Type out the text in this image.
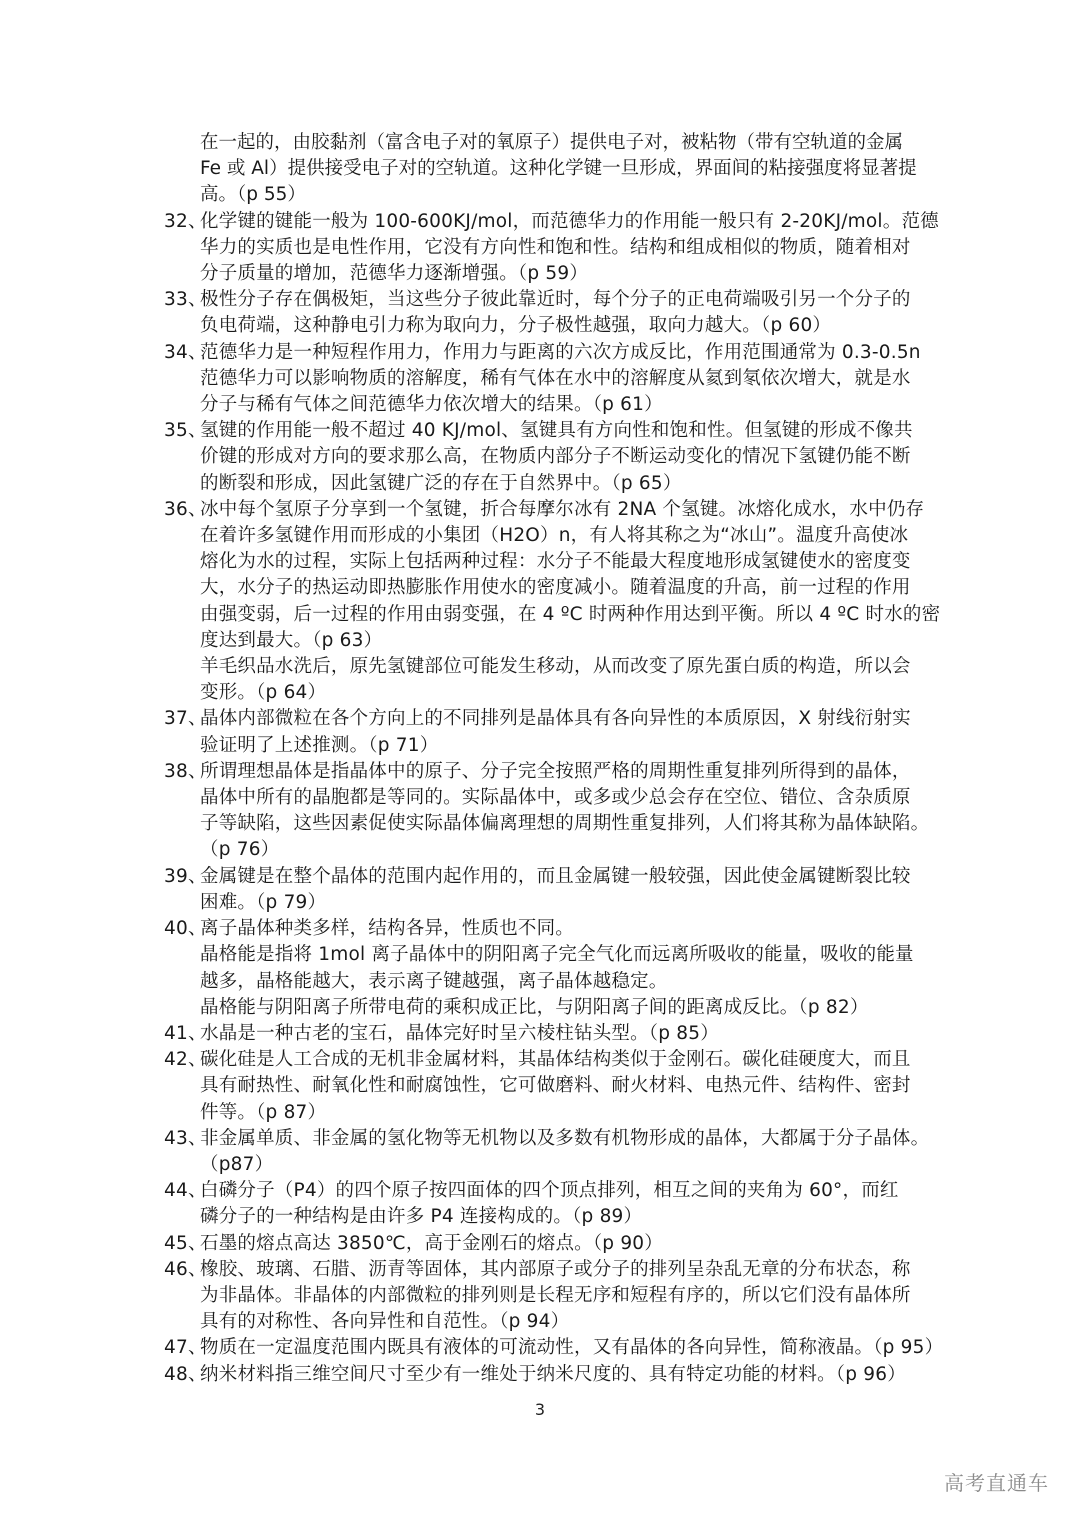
在一起的，由胶黏剂（富含电子对的氧原子）提供电子对，被粘物（带有空轨道的金属
Fe 或 Al）提供接受电子对的空轨道。这种化学键一旦形成，界面间的粘接强度将显著提
高。（p 55）
32、
化学键的键能一般为 100-600KJ/mol，而范德华力的作用能一般只有 2-20KJ/mol。范德
华力的实质也是电性作用，它没有方向性和饱和性。结构和组成相似的物质，随着相对
分子质量的增加，范德华力逐渐增强。（p 59）
33、
极性分子存在偶极矩，当这些分子彼此靠近时，每个分子的正电荷端吸引另一个分子的
负电荷端，这种静电引力称为取向力，分子极性越强，取向力越大。（p 60）
34、
范德华力是一种短程作用力，作用力与距离的六次方成反比，作用范围通常为 0.3-0.5n
范德华力可以影响物质的溶解度，稀有气体在水中的溶解度从氦到氡依次增大，就是水
分子与稀有气体之间范德华力依次增大的结果。（p 61）
35、
氢键的作用能一般不超过 40 KJ/mol、氢键具有方向性和饱和性。但氢键的形成不像共
价键的形成对方向的要求那么高，在物质内部分子不断运动变化的情况下氢键仍能不断
的断裂和形成，因此氢键广泛的存在于自然界中。（p 65）
36、
冰中每个氢原子分享到一个氢键，折合每摩尔冰有 2NA 个氢键。冰熔化成水，水中仍存
在着许多氢键作用而形成的小集团（H2O）n，有人将其称之为“冰山”。温度升高使冰
熔化为水的过程，实际上包括两种过程：水分子不能最大程度地形成氢键使水的密度变
大，水分子的热运动即热膨胀作用使水的密度减小。随着温度的升高，前一过程的作用
由强变弱，后一过程的作用由弱变强，在 4 ºC 时两种作用达到平衡。所以 4 ºC 时水的密
度达到最大。（p 63）
羊毛织品水洗后，原先氢键部位可能发生移动，从而改变了原先蛋白质的构造，所以会
变形。（p 64）
37、
晶体内部微粒在各个方向上的不同排列是晶体具有各向异性的本质原因，X 射线衍射实
验证明了上述推测。（p 71）
38、
所谓理想晶体是指晶体中的原子、分子完全按照严格的周期性重复排列所得到的晶体，
晶体中所有的晶胞都是等同的。实际晶体中，或多或少总会存在空位、错位、含杂质原
子等缺陷，这些因素促使实际晶体偏离理想的周期性重复排列，人们将其称为晶体缺陷。
（p 76）
39、
金属键是在整个晶体的范围内起作用的，而且金属键一般较强，因此使金属键断裂比较
困难。（p 79）
40、
离子晶体种类多样，结构各异，性质也不同。
晶格能是指将 1mol 离子晶体中的阴阳离子完全气化而远离所吸收的能量，吸收的能量
越多，晶格能越大，表示离子键越强，离子晶体越稳定。
晶格能与阴阳离子所带电荷的乘积成正比，与阴阳离子间的距离成反比。（p 82）
41、
水晶是一种古老的宝石，晶体完好时呈六棱柱钻头型。（p 85）
42、
碳化硅是人工合成的无机非金属材料，其晶体结构类似于金刚石。碳化硅硬度大，而且
具有耐热性、耐氧化性和耐腐蚀性，它可做磨料、耐火材料、电热元件、结构件、密封
件等。（p 87）
43、
非金属单质、非金属的氢化物等无机物以及多数有机物形成的晶体，大都属于分子晶体。
（p87）
44、
白磷分子（P4）的四个原子按四面体的四个顶点排列，相互之间的夹角为 60°，而红
磷分子的一种结构是由许多 P4 连接构成的。（p 89）
45、
石墨的熔点高达 3850℃，高于金刚石的熔点。（p 90）
46、
橡胶、玻璃、石腊、沥青等固体，其内部原子或分子的排列呈杂乱无章的分布状态，称
为非晶体。非晶体的内部微粒的排列则是长程无序和短程有序的，所以它们没有晶体所
具有的对称性、各向异性和自范性。（p 94）
47、
物质在一定温度范围内既具有液体的可流动性，又有晶体的各向异性，简称液晶。（p 95）
48、
纳米材料指三维空间尺寸至少有一维处于纳米尺度的、具有特定功能的材料。（p 96）
3
高考直通车
